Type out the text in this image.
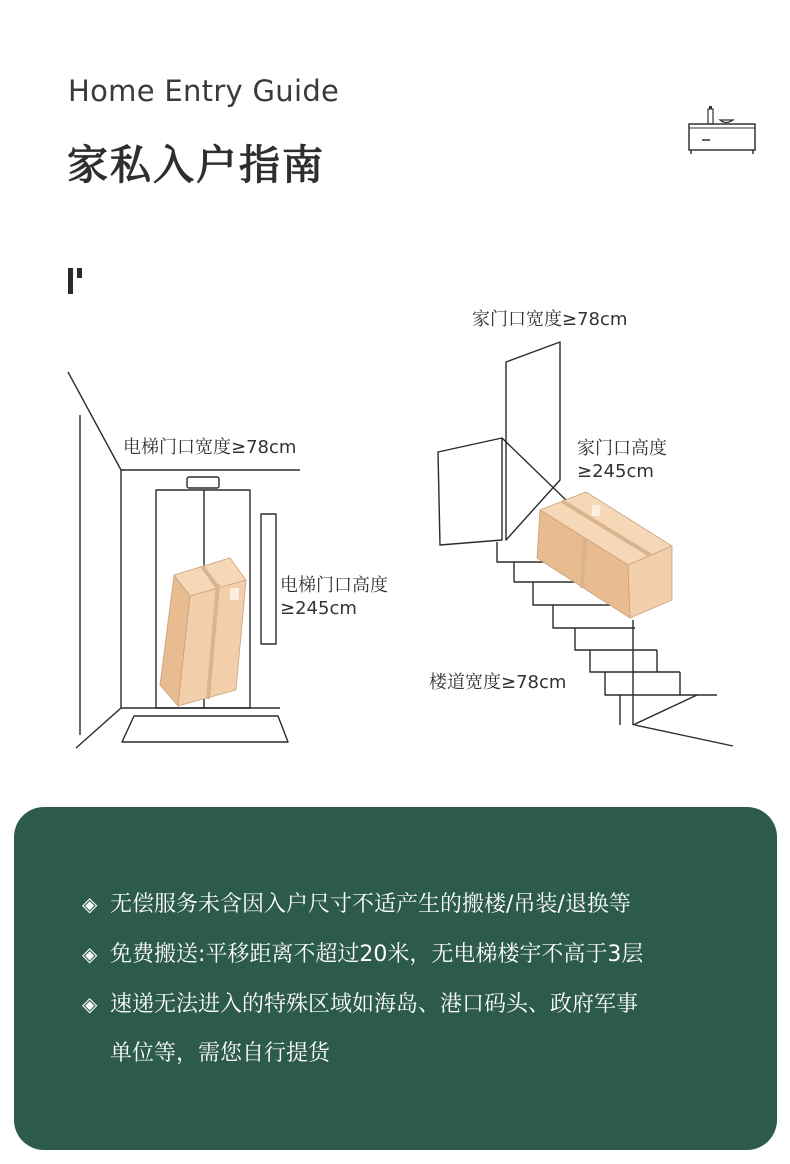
Home Entry Guide
家私入户指南
电梯门口宽度≥78cm
电梯门口高度
≥245cm
家门口宽度≥78cm
家门口高度
≥245cm
楼道宽度≥78cm
◈ 无偿服务未含因入户尺寸不适产生的搬楼/吊装/退换等
◈ 免费搬送:平移距离不超过20米，无电梯楼宇不高于3层
◈ 速递无法进入的特殊区域如海岛、港口码头、政府军事
单位等，需您自行提货
